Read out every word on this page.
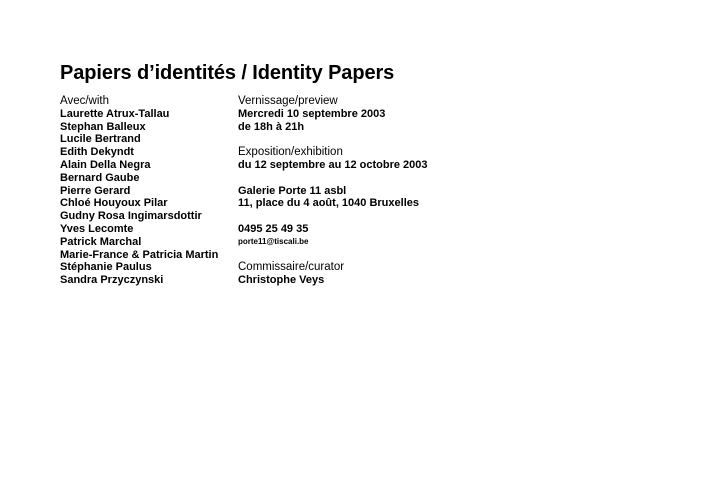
Papiers d’identités / Identity Papers
Avec/with
Laurette Atrux-Tallau
Stephan Balleux
Lucile Bertrand
Edith Dekyndt
Alain Della Negra
Bernard Gaube
Pierre Gerard
Chloé Houyoux Pilar
Gudny Rosa Ingimarsdottir
Yves Lecomte
Patrick Marchal
Marie-France & Patricia Martin
Stéphanie Paulus
Sandra Przyczynski
Vernissage/preview
Mercredi 10 septembre 2003
de 18h à 21h
Exposition/exhibition
du 12 septembre au 12 octobre 2003
Galerie Porte 11 asbl
11, place du 4 août, 1040 Bruxelles
0495 25 49 35
porte11@tiscali.be
Commissaire/curator
Christophe Veys
